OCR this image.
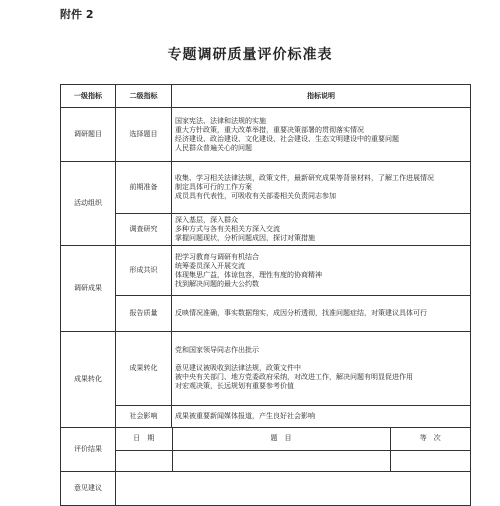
附件 2
专题调研质量评价标准表
一级指标	二级指标	指标说明
调研题目	选择题目	
国家宪法、法律和法规的实施
重大方针政策，重大改革举措，重要决策部署的贯彻落实情况
经济建设、政治建设、文化建设、社会建设、生态文明建设中的重要问题
人民群众普遍关心的问题

活动组织	前期准备	
收集、学习相关法律法规，政策文件，最新研究成果等背景材料，了解工作进展情况
制定具体可行的工作方案
成员具有代表性，可吸收有关部委相关负责同志参加

调查研究	
深入基层，深入群众
多种方式与各有关相关方深入交流
掌握问题现状，分析问题成因，探讨对策措施

调研成果	形成共识	
把学习教育与调研有机结合
统筹委员深入开展交流
体现集思广益，体谅包容，理性有度的协商精神
找到解决问题的最大公约数

报告质量	反映情况准确，事实数据翔实，成因分析透彻，找准问题症结，对策建议具体可行

成果转化	成果转化	
党和国家领导同志作出批示
意见建议被吸收到法律法规，政策文件中
被中央有关部门、地方党委政府采纳，对改进工作，解决问题有明显促进作用
对宏观决策，长远规划有重要参考价值

社会影响	成果被重要新闻媒体报道，产生良好社会影响

评价结果	
日　期	题　目	等　次

意见建议	
